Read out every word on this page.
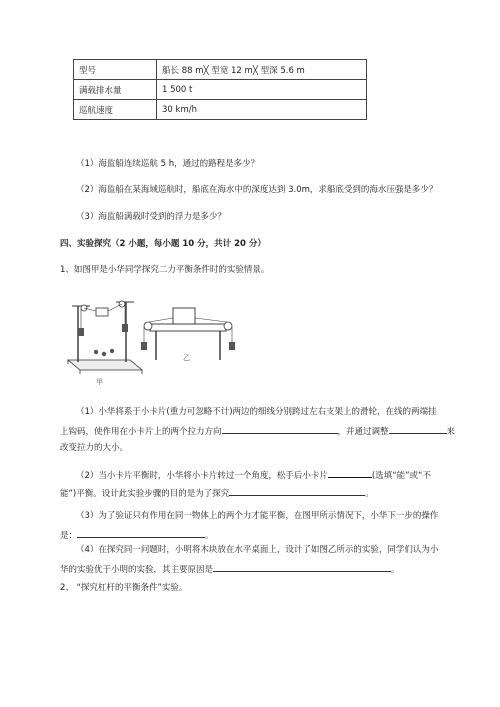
型号	船长 88 m╳ 型宽 12 m╳ 型深 5.6 m
满载排水量	1 500 t
巡航速度	30 km/h
（1）海监船连续巡航 5 h，通过的路程是多少？
（2）海监船在某海域巡航时，船底在海水中的深度达到 3.0m，求船底受到的海水压强是多少？
（3）海监船满载时受到的浮力是多少？
四、实验探究（2 小题，每小题 10 分，共计 20 分）
1、如图甲是小华同学探究二力平衡条件时的实验情景。
甲
乙
（1）小华将系于小卡片(重力可忽略不计)两边的细线分别跨过左右支架上的滑轮，在线的两端挂
上钩码，使作用在小卡片上的两个拉力方向	，并通过调整	来
改变拉力的大小。
（2）当小卡片平衡时，小华将小卡片转过一个角度，松手后小卡片	(选填“能”或“不
能”)平衡。设计此实验步骤的目的是为了探究	。
（3）为了验证只有作用在同一物体上的两个力才能平衡，在图甲所示情况下，小华下一步的操作
是：	。
（4）在探究同一问题时，小明将木块放在水平桌面上，设计了如图乙所示的实验，同学们认为小
华的实验优于小明的实验，其主要原因是	。
2、 “探究杠杆的平衡条件”实验。
